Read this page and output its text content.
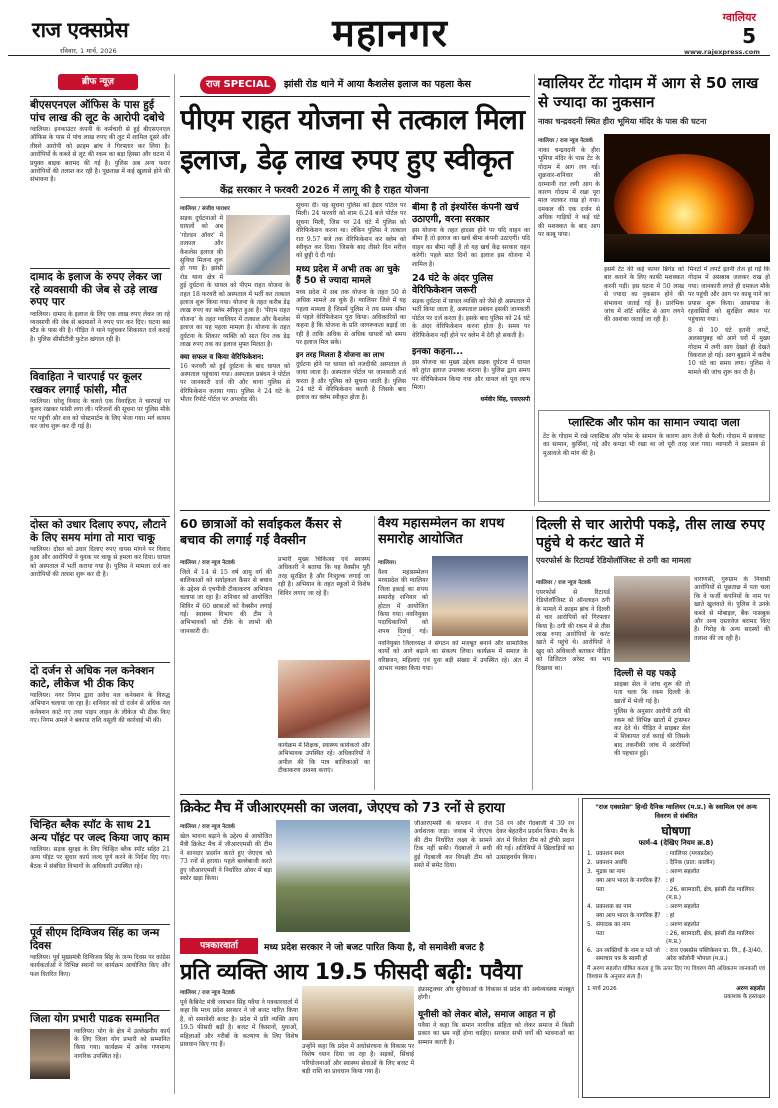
राज एक्सप्रेस
रविवार, 1 मार्च, 2026	महानगर	ग्वालियर
5
www.rajexpress.com
ब्रीफ न्यूज़
बीएसएनएल ऑफिस के पास हुई पांच लाख की लूट के आरोपी दबोचे
ग्वालियर। इनकाउंटर कंपनी के कर्मचारी से हुई बीएसएनएल ऑफिस के पास में पांच लाख रुपए की लूट में शामिल दूसरे और तीसरे आरोपी को क्राइम ब्रांच ने गिरफ्तार कर लिया है। आरोपियों के कब्जे से लूट की रकम का बड़ा हिस्सा और घटना में प्रयुक्त बाइक बरामद की गई है। पुलिस अब अन्य फरार आरोपियों की तलाश कर रही है। पूछताछ में कई खुलासे होने की संभावना है।
दामाद के इलाज के रुपए लेकर जा रहे व्यवसायी की जेब से उड़े लाख रुपए पार
ग्वालियर। दामाद के इलाज के लिए एक लाख रुपए लेकर जा रहे व्यवसायी की जेब से बदमाशों ने रुपए पार कर दिए। घटना बस स्टैंड के पास की है। पीड़ित ने थाने पहुंचकर शिकायत दर्ज कराई है। पुलिस सीसीटीवी फुटेज खंगाल रही है।
विवाहिता ने चारपाई पर कूलर रखकर लगाई फांसी, मौत
ग्वालियर। घरेलू विवाद के चलते एक विवाहिता ने चारपाई पर कूलर रखकर फांसी लगा ली। परिजनों की सूचना पर पुलिस मौके पर पहुंची और शव को पोस्टमार्टम के लिए भेजा गया। मर्ग कायम कर जांच शुरू कर दी गई है।
दोस्त को उधार दिलाए रुपए, लौटाने के लिए समय मांगा तो मारा चाकू
ग्वालियर। दोस्त को उधार दिलाए रुपए वापस मांगने पर विवाद हुआ और आरोपियों ने युवक पर चाकू से हमला कर दिया। घायल को अस्पताल में भर्ती कराया गया है। पुलिस ने मामला दर्ज कर आरोपियों की तलाश शुरू कर दी है।
दो दर्जन से अधिक नल कनेक्शन काटे, लीकेज भी ठीक किए
ग्वालियर। नगर निगम द्वारा अवैध नल कनेक्शन के विरुद्ध अभियान चलाया जा रहा है। शनिवार को दो दर्जन से अधिक नल कनेक्शन काटे गए तथा पाइप लाइन के लीकेज भी ठीक किए गए। निगम अमले ने बकाया राशि वसूली की कार्रवाई भी की।
चिन्हित ब्लैक स्पॉट के साथ 21 अन्य पॉइंट पर जल्द किया जाए काम
ग्वालियर। सड़क सुरक्षा के लिए चिन्हित ब्लैक स्पॉट सहित 21 अन्य पॉइंट पर सुधार कार्य जल्द पूर्ण करने के निर्देश दिए गए। बैठक में संबंधित विभागों के अधिकारी उपस्थित रहे।
पूर्व सीएम दिग्विजय सिंह का जन्म दिवस
ग्वालियर। पूर्व मुख्यमंत्री दिग्विजय सिंह के जन्म दिवस पर कांग्रेस कार्यकर्ताओं ने विभिन्न स्थानों पर कार्यक्रम आयोजित किए और फल वितरित किए।
जिला योग प्रभारी पाढक सम्मानित
ग्वालियर। योग के क्षेत्र में उल्लेखनीय कार्य के लिए जिला योग प्रभारी को सम्मानित किया गया। कार्यक्रम में अनेक गणमान्य नागरिक उपस्थित रहे।
राज SPECIAL	झांसी रोड थाने में आया कैशलेस इलाज का पहला केस
पीएम राहत योजना से तत्काल मिला
इलाज, डेढ़ लाख रुपए हुए स्वीकृत
केंद्र सरकार ने फरवरी 2026 में लागू की है राहत योजना
ग्वालियर / संजीव पाराशर
सड़क दुर्घटनाओं में घायलों को अब 'गोल्डन ऑवर' में तत्काल और कैशलेस इलाज की सुविधा मिलना शुरू हो गया है। झांसी रोड थाना क्षेत्र में हुई दुर्घटना के घायल को पीएम राहत योजना के तहत 18 फरवरी को अस्पताल में भर्ती कर तत्काल इलाज शुरू किया गया। योजना के तहत करीब डेढ़ लाख रुपए का क्लेम स्वीकृत हुआ है। 'पीएम राहत योजना' के तहत ग्वालियर में तत्काल और कैशलेस इलाज का यह पहला मामला है। योजना के तहत दुर्घटना के शिकार व्यक्ति को सात दिन तक डेढ़ लाख रुपए तक का इलाज मुफ्त मिलता है।
क्या सफल व किया वेरिफिकेशन:
16 फरवरी को हुई दुर्घटना के बाद घायल को अस्पताल पहुंचाया गया। अस्पताल प्रबंधन ने पोर्टल पर जानकारी दर्ज की और थाना पुलिस से वेरिफिकेशन कराया गया। पुलिस ने 24 घंटे के भीतर रिपोर्ट पोर्टल पर अपलोड की।
सूचना दी। यह सूचना पुलिस को ईडार पोर्टल पर मिली। 24 फरवरी को शाम 6.24 बजे पोर्टल पर सूचना मिली, जिस पर 24 घंटे में पुलिस को वेरिफिकेशन करना था। लेकिन पुलिस ने तत्काल रात 9.57 बजे तक वेरिफिकेशन कर क्लेम को स्वीकृत कर दिया। जिसके बाद तीसरे दिन मरीज को छुट्टी दे दी गई।
मध्य प्रदेश में अभी तक आ चुके हैं 50 से ज्यादा मामले
मध्य प्रदेश में अब तक योजना के तहत 50 से अधिक मामले आ चुके हैं। ग्वालियर जिले में यह पहला मामला है जिसमें पुलिस ने तय समय सीमा से पहले वेरिफिकेशन पूरा किया। अधिकारियों का कहना है कि योजना के प्रति जागरूकता बढ़ाई जा रही है ताकि अधिक से अधिक घायलों को समय पर इलाज मिल सके।
इन तरह मिलता है योजना का लाभ
दुर्घटना होने पर घायल को नजदीकी अस्पताल ले जाया जाता है। अस्पताल पोर्टल पर जानकारी दर्ज करता है और पुलिस को सूचना जाती है। पुलिस 24 घंटे में वेरिफिकेशन करती है जिसके बाद इलाज का क्लेम स्वीकृत होता है।
बीमा है तो इंश्योरेंस कंपनी खर्च उठाएगी, वरना सरकार
इस योजना के तहत हादसा होने पर यदि वाहन का बीमा है तो इलाज का खर्च बीमा कंपनी उठाएगी। यदि वाहन का बीमा नहीं है तो यह खर्च केंद्र सरकार वहन करेगी। पहले सात दिनों का इलाज इस योजना में शामिल है।
24 घंटे के अंदर पुलिस वेरिफिकेशन जरूरी
सड़क दुर्घटना में घायल व्यक्ति को जैसे ही अस्पताल में भर्ती किया जाता है, अस्पताल प्रबंधन इसकी जानकारी पोर्टल पर दर्ज करता है। इसके बाद पुलिस को 24 घंटे के अंदर वेरिफिकेशन करना होता है। समय पर वेरिफिकेशन नहीं होने पर क्लेम में देरी हो सकती है।
इनका कहना...
इस योजना का मुख्य उद्देश्य सड़क दुर्घटना में घायल को तुरंत इलाज उपलब्ध कराना है। पुलिस द्वारा समय पर वेरिफिकेशन किया गया और घायल को पूरा लाभ मिला।
धर्मवीर सिंह, एसएसपी
ग्वालियर टेंट गोदाम में आग से 50 लाख से ज्यादा का नुकसान
नाका चन्द्रवदनी स्थित हीरा भूमिया मंदिर के पास की घटना
ग्वालियर / राज न्यूज नेटवर्क
नाका चन्द्रवदनी के हीरा भूमिया मंदिर के पास टेंट के गोदाम में आग लग गई। शुक्रवार-शनिवार की दरम्यानी रात लगी आग के कारण गोदाम में रखा पूरा माल जलकर राख हो गया। दमकल की एक दर्जन से अधिक गाड़ियों ने कई घंटे की मशक्कत के बाद आग पर काबू पाया।
इसमें टेंट की कई फायर ब्रिगेड को बार कराने के लिए काफी मशक्कत करनी पड़ी। इस घटना में 50 लाख से ज्यादा का नुकसान होने की संभावना जताई गई है। प्रारंभिक जांच में शॉर्ट सर्किट से आग लगने की आशंका जताई जा रही है।
मिनटों में लपटें इतनी तेज हो गईं कि गोदाम में असबाब जलकर राख हो गया। जानकारी लगते ही दमकल मौके पर पहुंची और आग पर काबू पाने का प्रयास शुरू किया। आसपास के रहवासियों को सुरक्षित स्थान पर पहुंचाया गया।
8 से 10 घंटे इतनी लपटें, अलसायुबह को आगे घरों में मुख्य गोदाम में लगी आग देखते ही देखते विकराल हो गई। आग बुझाने में करीब 10 घंटे का समय लगा। पुलिस ने मामले की जांच शुरू कर दी है।
प्लास्टिक और फोम का सामान ज्यादा जला
टेंट के गोदाम में रखे प्लास्टिक और फोम के सामान के कारण आग तेजी से फैली। गोदाम में सजावट का सामान, कुर्सियां, गद्दे और कपड़ा भी रखा था जो पूरी तरह जल गया। व्यापारी ने प्रशासन से मुआवजे की मांग की है।
60 छात्राओं को सर्वाइकल कैंसर से बचाव की लगाई गई वैक्सीन
ग्वालियर / राज न्यूज नेटवर्क
जिले में 14 से 15 वर्ष आयु वर्ग की बालिकाओं को सर्वाइकल कैंसर से बचाव के उद्देश्य से एचपीवी टीकाकरण अभियान चलाया जा रहा है। शनिवार को आयोजित शिविर में 60 छात्राओं को वैक्सीन लगाई गई। स्वास्थ्य विभाग की टीम ने अभिभावकों को टीके के लाभों की जानकारी दी।
प्रभारी मुख्य चिकित्सा एवं स्वास्थ्य अधिकारी ने बताया कि यह वैक्सीन पूरी तरह सुरक्षित है और निःशुल्क लगाई जा रही है। अभियान के तहत स्कूलों में विशेष शिविर लगाए जा रहे हैं।
कार्यक्रम में शिक्षक, स्वास्थ्य कार्यकर्ता और अभिभावक उपस्थित रहे। अधिकारियों ने अपील की कि पात्र बालिकाओं का टीकाकरण अवश्य कराएं।
वैश्य महासम्मेलन का शपथ समारोह आयोजित
ग्वालियर।
वैश्य महासम्मेलन मध्यप्रदेश की ग्वालियर जिला इकाई का शपथ समारोह शनिवार को होटल में आयोजित किया गया। नवनियुक्त पदाधिकारियों को शपथ दिलाई गई।
नवनियुक्त जिलाध्यक्ष ने संगठन को मजबूत बनाने और सामाजिक कार्यों को आगे बढ़ाने का संकल्प लिया। कार्यक्रम में समाज के वरिष्ठजन, महिलाएं एवं युवा बड़ी संख्या में उपस्थित रहे। अंत में आभार व्यक्त किया गया।
दिल्ली से चार आरोपी पकड़े, तीस लाख रुपए पहुंचे थे करंट खाते में
एयरफोर्स के रिटायर्ड रेडियोलॉजिस्ट से ठगी का मामला
ग्वालियर / राज न्यूज नेटवर्क
एयरफोर्स से रिटायर्ड रेडियोलॉजिस्ट से ऑनलाइन ठगी के मामले में क्राइम ब्रांच ने दिल्ली से चार आरोपियों को गिरफ्तार किया है। ठगी की रकम में से तीस लाख रुपए आरोपियों के करंट खाते में पहुंचे थे। आरोपियों ने खुद को अधिकारी बताकर पीड़ित को डिजिटल अरेस्ट का भय दिखाया था।
दिल्ली से यह पकड़े
साइबर सेल ने जांच शुरू की तो पता चला कि रकम दिल्ली के खातों में भेजी गई है।
पुलिस के अनुसार आरोपी ठगी की रकम को विभिन्न खातों में ट्रांसफर कर देते थे। पीड़ित ने साइबर सेल में शिकायत दर्ज कराई थी जिसके बाद तकनीकी जांच में आरोपियों की पहचान हुई।
वाराणसी, गुरुग्राम के निवासी आरोपियों से पूछताछ में पता चला कि वे फर्जी कंपनियों के नाम पर खाते खुलवाते थे। पुलिस ने उनके कब्जे से मोबाइल, बैंक पासबुक और अन्य दस्तावेज बरामद किए हैं। गिरोह के अन्य सदस्यों की तलाश की जा रही है।
क्रिकेट मैच में जीआरएमसी का जलवा, जेएएच को 73 रनों से हराया
ग्वालियर / राज न्यूज नेटवर्क
खेल भावना बढ़ाने के उद्देश्य से आयोजित मैत्री क्रिकेट मैच में जीआरएमसी की टीम ने शानदार प्रदर्शन करते हुए जेएएच को 73 रनों से हराया। पहले बल्लेबाजी करते हुए जीआरएमसी ने निर्धारित ओवर में बड़ा स्कोर खड़ा किया।
जीआरएमसी के कप्तान ने तेज अर्धशतक जड़ा। जवाब में जेएएच की टीम निर्धारित लक्ष्य के सामने टिक नहीं सकी। गेंदबाजों ने सधी हुई गेंदबाजी कर विपक्षी टीम को सस्ते में समेट दिया।
58 रन और गेंदबाजी में 39 रन देकर बेहतरीन प्रदर्शन किया। मैच के अंत में विजेता टीम को ट्रॉफी प्रदान की गई। अतिथियों ने खिलाड़ियों का उत्साहवर्धन किया।
पत्रकारवार्ता	मध्य प्रदेश सरकार ने जो बजट पारित किया है, वो समावेशी बजट है
प्रति व्यक्ति आय 19.5 फीसदी बढ़ी: पवैया
ग्वालियर / राज न्यूज नेटवर्क
पूर्व कैबिनेट मंत्री जयभान सिंह पवैया ने पत्रकारवार्ता में कहा कि मध्य प्रदेश सरकार ने जो बजट पारित किया है, वो समावेशी बजट है। प्रदेश में प्रति व्यक्ति आय 19.5 फीसदी बढ़ी है। बजट में किसानों, युवाओं, महिलाओं और गरीबों के कल्याण के लिए विशेष प्रावधान किए गए हैं।	उन्होंने कहा कि प्रदेश में अधोसंरचना के विकास पर विशेष ध्यान दिया जा रहा है। सड़कों, सिंचाई परियोजनाओं और स्वास्थ्य सेवाओं के लिए बजट में बड़ी राशि का प्रावधान किया गया है।
इंफ्रास्ट्रक्चर और सुविधाओं के विकास से प्रदेश की अर्थव्यवस्था मजबूत होगी।
यूनीसी को लेकर बोले, समाज आहत न हो
पवैया ने कहा कि समान नागरिक संहिता को लेकर समाज में किसी प्रकार का भ्रम नहीं होना चाहिए। सरकार सभी वर्गों की भावनाओं का सम्मान करती है।
"राज एक्सप्रेस" हिन्दी दैनिक ग्वालियर (म.प्र.) के स्वामित्व एवं अन्य विवरण से संबंधित
घोषणा
फार्म-4 (देखिए नियम क्र.8)
1. प्रकाशन स्थल	: ग्वालियर (मध्यप्रदेश)
2. प्रकाशन अवधि	: दैनिक (प्रात: कालीन)
3. मुद्रक का नाम	: अरुण सहलोत
क्या आप भारत के नागरिक हैं? : हां
पता	: 26, बरामदारी, क्षेत्र, झांसी रोड ग्वालियर (म.प्र.)
4. प्रकाशक का नाम	: अरुण सहलोत
क्या आप भारत के नागरिक हैं? : हां
5. संपादक का नाम	: अरुण सहलोत
पता	: 26, बरामदारी, क्षेत्र, झांसी रोड ग्वालियर (म.प्र.)
6. उन व्यक्तियों के नाम व पते जो समाचार पत्र के स्वामी हों
: राज एक्सप्रेस पब्लिकेशन प्रा. लि., ई-3/40, अरेरा कॉलोनी भोपाल (म.प्र.)
मैं अरुण सहलोत घोषित करता हूं कि ऊपर दिए गए विवरण मेरी अधिकतम जानकारी एवं विश्वास के अनुसार सत्य हैं।
1 मार्च 2026	अरुण सहलोत
प्रकाशक के हस्ताक्षर
